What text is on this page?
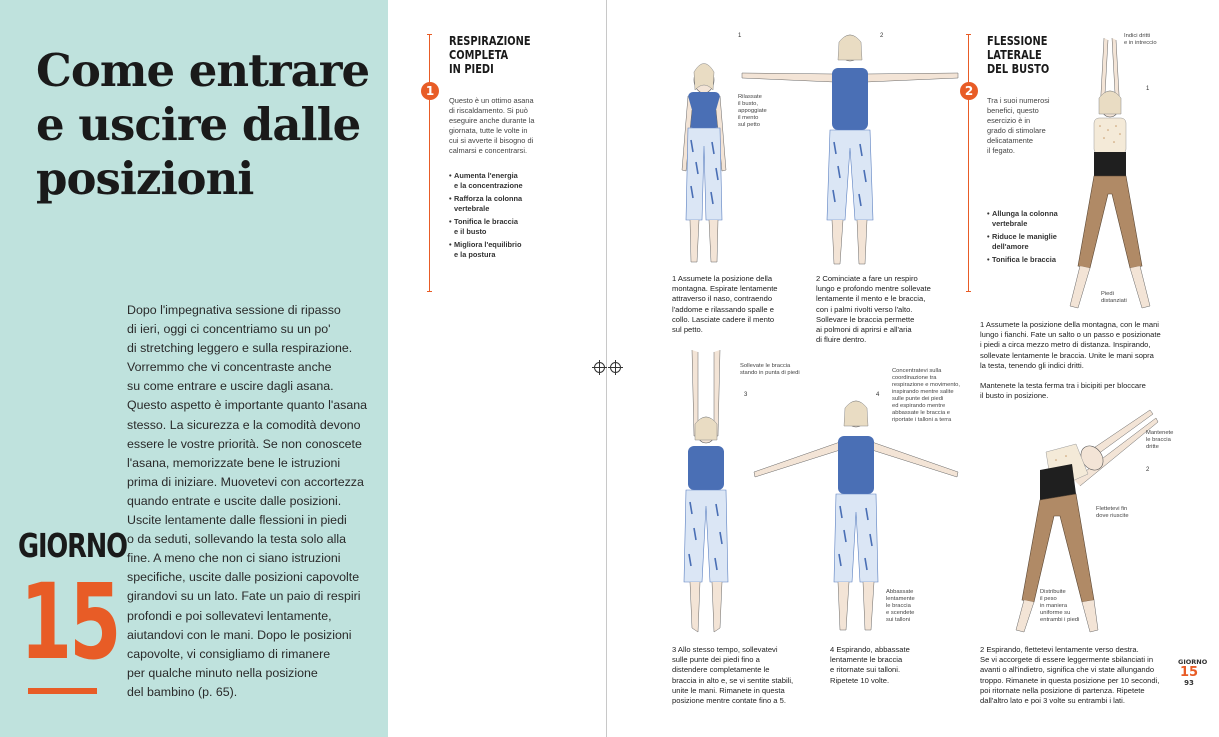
Come entrare e uscire dalle posizioni

Dopo l'impegnativa sessione di ripasso
di ieri, oggi ci concentriamo su un po'
di stretching leggero e sulla respirazione.
Vorremmo che vi concentraste anche
su come entrare e uscire dagli asana.
Questo aspetto è importante quanto l'asana
stesso. La sicurezza e la comodità devono
essere le vostre priorità. Se non conoscete
l'asana, memorizzate bene le istruzioni
prima di iniziare. Muovetevi con accortezza
quando entrate e uscite dalle posizioni.
Uscite lentamente dalle flessioni in piedi
o da seduti, sollevando la testa solo alla
fine. A meno che non ci siano istruzioni
specifiche, uscite dalle posizioni capovolte
girandovi su un lato. Fate un paio di respiri
profondi e poi sollevatevi lentamente,
aiutandovi con le mani. Dopo le posizioni
capovolte, vi consigliamo di rimanere
per qualche minuto nella posizione
del bambino (p. 65).

GIORNO
15
1
RESPIRAZIONE
COMPLETA
IN PIEDI

Questo è un ottimo asana
di riscaldamento. Si può
eseguire anche durante la
giornata, tutte le volte in
cui si avverte il bisogno di
calmarsi e concentrarsi.

• Aumenta l'energia
e la concentrazione
• Rafforza la colonna
vertebrale
• Tonifica le braccia
e il busto
• Migliora l'equilibrio
e la postura
1
Rilassate
il busto,
appoggiate
il mento
sul petto
2
1 Assumete la posizione della
montagna. Espirate lentamente
attraverso il naso, contraendo
l'addome e rilassando spalle e
collo. Lasciate cadere il mento
sul petto.
2 Cominciate a fare un respiro
lungo e profondo mentre sollevate
lentamente il mento e le braccia,
con i palmi rivolti verso l'alto.
Sollevare le braccia permette
ai polmoni di aprirsi e all'aria
di fluire dentro.
3
Sollevate le braccia
stando in punta di piedi
4
Concentratevi sulla
coordinazione tra
respirazione e movimento,
inspirando mentre salite
sulle punte dei piedi
ed espirando mentre
abbassate le braccia e
riportate i talloni a terra
Abbassate
lentamente
le braccia
e scendete
sui talloni
3 Allo stesso tempo, sollevatevi
sulle punte dei piedi fino a
distendere completamente le
braccia in alto e, se vi sentite stabili,
unite le mani. Rimanete in questa
posizione mentre contate fino a 5.
4 Espirando, abbassate
lentamente le braccia
e ritornate sui talloni.
Ripetete 10 volte.
2
FLESSIONE
LATERALE
DEL BUSTO

Tra i suoi numerosi
benefici, questo
esercizio è in
grado di stimolare
delicatamente
il fegato.

• Allunga la colonna
vertebrale
• Riduce le maniglie
dell'amore
• Tonifica le braccia
1
Indici dritti
e in intreccio
Piedi
distanziati
1 Assumete la posizione della montagna, con le mani
lungo i fianchi. Fate un salto o un passo e posizionate
i piedi a circa mezzo metro di distanza. Inspirando,
sollevate lentamente le braccia. Unite le mani sopra
la testa, tenendo gli indici dritti.

Mantenete la testa ferma tra i bicipiti per bloccare
il busto in posizione.
2
Mantenete
le braccia
dritte
Flettetevi fin
dove riuscite
Distribuite
il peso
in maniera
uniforme su
entrambi i piedi
2 Espirando, flettetevi lentamente verso destra.
Se vi accorgete di essere leggermente sbilanciati in
avanti o all'indietro, significa che vi state allungando
troppo. Rimanete in questa posizione per 10 secondi,
poi ritornate nella posizione di partenza. Ripetete
dall'altro lato e poi 3 volte su entrambi i lati.
GIORNO
15
93
